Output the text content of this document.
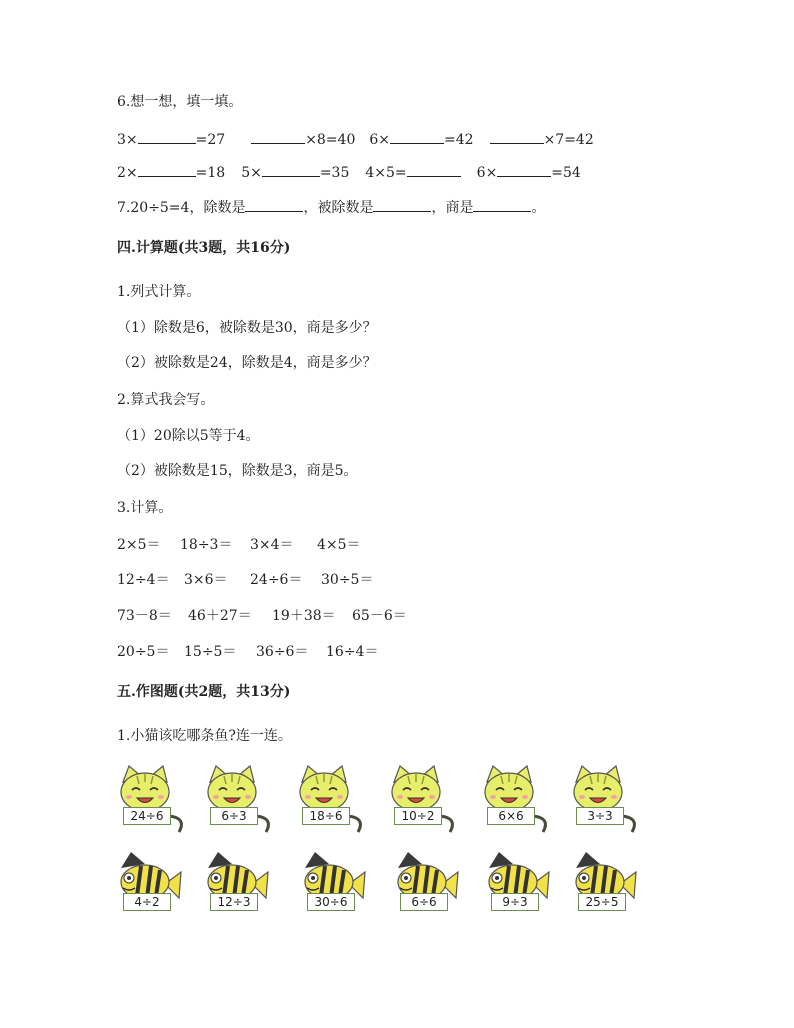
6.想一想，填一填。
3×	=27	×8=40 6×	=42	×7=42
2×	=18 5×	=35 4×5=	6×	=54
7.20÷5=4，除数是	，被除数是	，商是	。
四.计算题(共3题，共16分)
1.列式计算。
（1）除数是6，被除数是30，商是多少？
（2）被除数是24，除数是4，商是多少？
2.算式我会写。
（1）20除以5等于4。
（2）被除数是15，除数是3，商是5。
3.计算。
2×5＝ 18÷3＝ 3×4＝ 4×5＝
12÷4＝ 3×6＝ 24÷6＝ 30÷5＝
73－8＝ 46＋27＝ 19＋38＝ 65－6＝
20÷5＝ 15÷5＝ 36÷6＝ 16÷4＝
五.作图题(共2题，共13分)
1.小猫该吃哪条鱼?连一连。
24÷6	6÷3	18÷6	10÷2	6×6	3÷3
4÷2	12÷3	30÷6	6÷6	9÷3	25÷5
